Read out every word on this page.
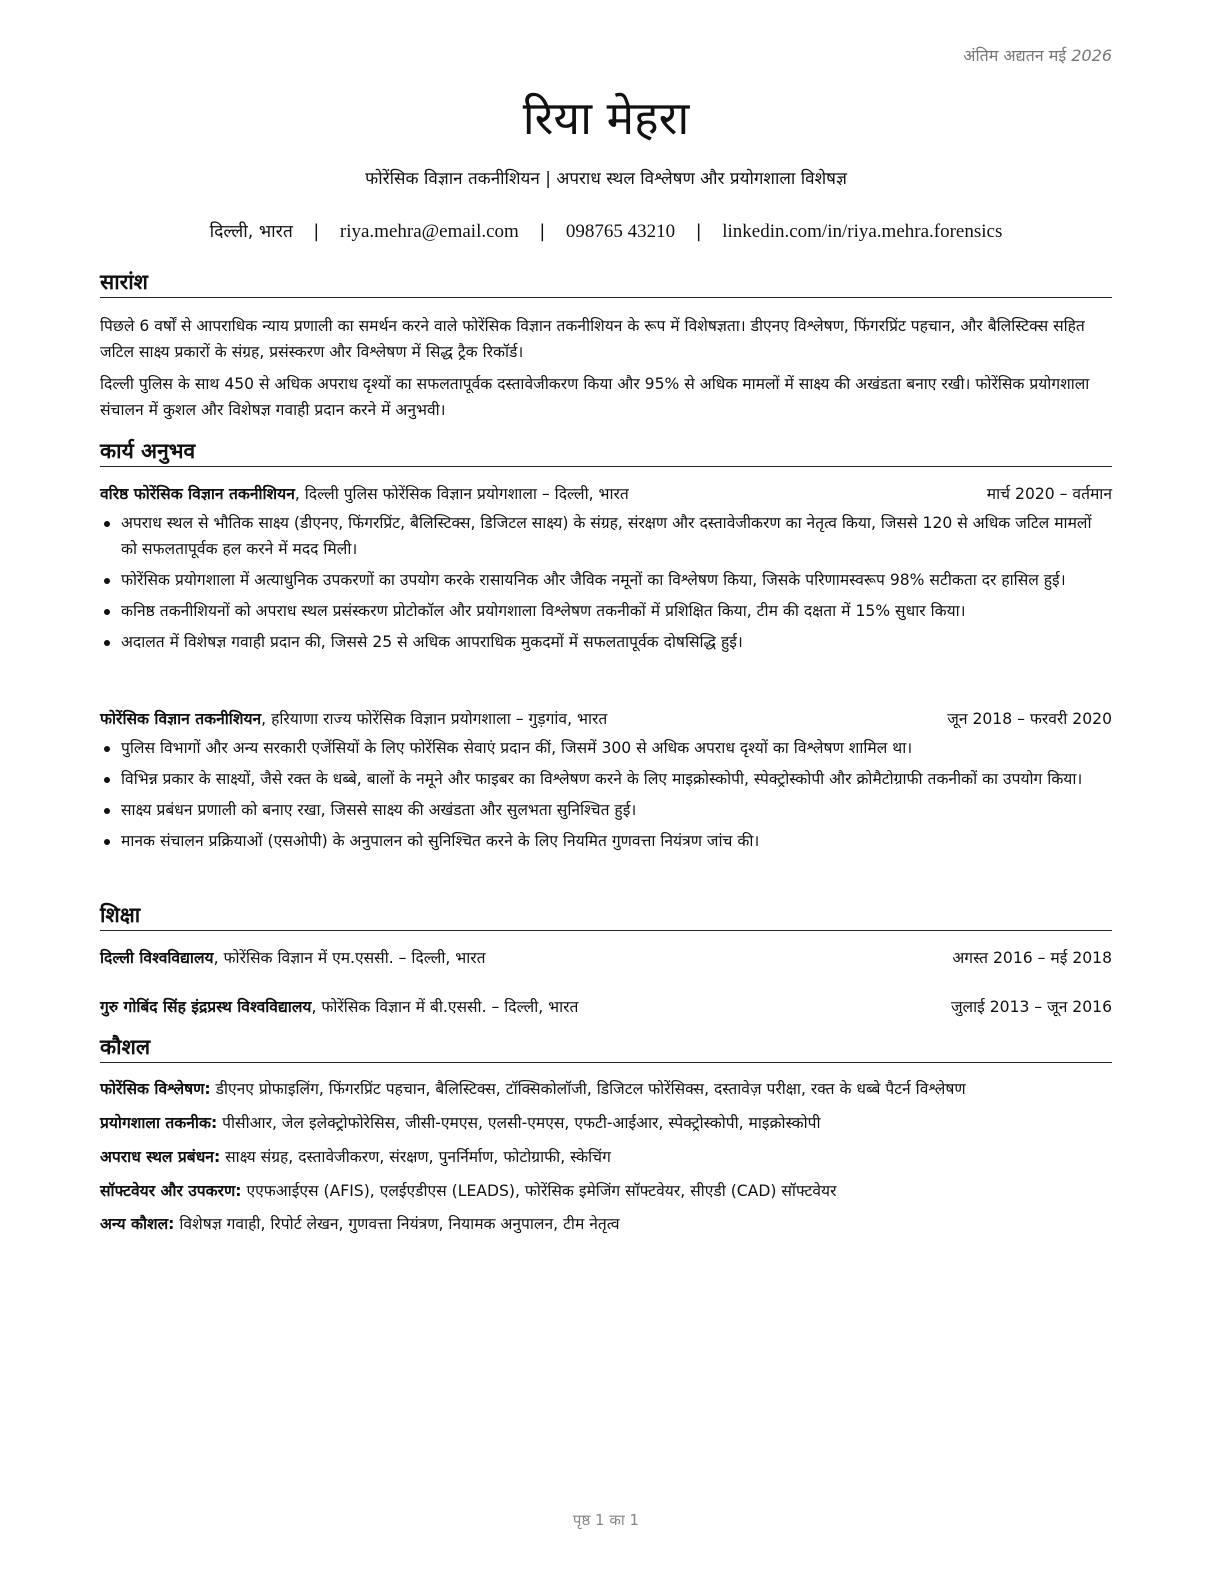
अंतिम अद्यतन मई 2026
रिया मेहरा
फोरेंसिक विज्ञान तकनीशियन | अपराध स्थल विश्लेषण और प्रयोगशाला विशेषज्ञ
दिल्ली, भारत | riya.mehra@email.com | 098765 43210 | linkedin.com/in/riya.mehra.forensics
सारांश

पिछले 6 वर्षों से आपराधिक न्याय प्रणाली का समर्थन करने वाले फोरेंसिक विज्ञान तकनीशियन के रूप में विशेषज्ञता। डीएनए विश्लेषण, फिंगरप्रिंट पहचान, और बैलिस्टिक्स सहित जटिल साक्ष्य प्रकारों के संग्रह, प्रसंस्करण और विश्लेषण में सिद्ध ट्रैक रिकॉर्ड।

दिल्ली पुलिस के साथ 450 से अधिक अपराध दृश्यों का सफलतापूर्वक दस्तावेजीकरण किया और 95% से अधिक मामलों में साक्ष्य की अखंडता बनाए रखी। फोरेंसिक प्रयोगशाला संचालन में कुशल और विशेषज्ञ गवाही प्रदान करने में अनुभवी।

कार्य अनुभव
वरिष्ठ फोरेंसिक विज्ञान तकनीशियन, दिल्ली पुलिस फोरेंसिक विज्ञान प्रयोगशाला – दिल्ली, भारत	मार्च 2020 – वर्तमान
अपराध स्थल से भौतिक साक्ष्य (डीएनए, फिंगरप्रिंट, बैलिस्टिक्स, डिजिटल साक्ष्य) के संग्रह, संरक्षण और दस्तावेजीकरण का नेतृत्व किया, जिससे 120 से अधिक जटिल मामलों को सफलतापूर्वक हल करने में मदद मिली।
फोरेंसिक प्रयोगशाला में अत्याधुनिक उपकरणों का उपयोग करके रासायनिक और जैविक नमूनों का विश्लेषण किया, जिसके परिणामस्वरूप 98% सटीकता दर हासिल हुई।
कनिष्ठ तकनीशियनों को अपराध स्थल प्रसंस्करण प्रोटोकॉल और प्रयोगशाला विश्लेषण तकनीकों में प्रशिक्षित किया, टीम की दक्षता में 15% सुधार किया।
अदालत में विशेषज्ञ गवाही प्रदान की, जिससे 25 से अधिक आपराधिक मुकदमों में सफलतापूर्वक दोषसिद्धि हुई।
फोरेंसिक विज्ञान तकनीशियन, हरियाणा राज्य फोरेंसिक विज्ञान प्रयोगशाला – गुड़गांव, भारत	जून 2018 – फरवरी 2020
पुलिस विभागों और अन्य सरकारी एजेंसियों के लिए फोरेंसिक सेवाएं प्रदान कीं, जिसमें 300 से अधिक अपराध दृश्यों का विश्लेषण शामिल था।
विभिन्न प्रकार के साक्ष्यों, जैसे रक्त के धब्बे, बालों के नमूने और फाइबर का विश्लेषण करने के लिए माइक्रोस्कोपी, स्पेक्ट्रोस्कोपी और क्रोमैटोग्राफी तकनीकों का उपयोग किया।
साक्ष्य प्रबंधन प्रणाली को बनाए रखा, जिससे साक्ष्य की अखंडता और सुलभता सुनिश्चित हुई।
मानक संचालन प्रक्रियाओं (एसओपी) के अनुपालन को सुनिश्चित करने के लिए नियमित गुणवत्ता नियंत्रण जांच की।
शिक्षा
दिल्ली विश्वविद्यालय, फोरेंसिक विज्ञान में एम.एससी. – दिल्ली, भारत	अगस्त 2016 – मई 2018
गुरु गोबिंद सिंह इंद्रप्रस्थ विश्वविद्यालय, फोरेंसिक विज्ञान में बी.एससी. – दिल्ली, भारत	जुलाई 2013 – जून 2016
कौशल
फोरेंसिक विश्लेषण: डीएनए प्रोफाइलिंग, फिंगरप्रिंट पहचान, बैलिस्टिक्स, टॉक्सिकोलॉजी, डिजिटल फोरेंसिक्स, दस्तावेज़ परीक्षा, रक्त के धब्बे पैटर्न विश्लेषण
प्रयोगशाला तकनीक: पीसीआर, जेल इलेक्ट्रोफोरेसिस, जीसी-एमएस, एलसी-एमएस, एफटी-आईआर, स्पेक्ट्रोस्कोपी, माइक्रोस्कोपी
अपराध स्थल प्रबंधन: साक्ष्य संग्रह, दस्तावेजीकरण, संरक्षण, पुनर्निर्माण, फोटोग्राफी, स्केचिंग
सॉफ्टवेयर और उपकरण: एएफआईएस (AFIS), एलईएडीएस (LEADS), फोरेंसिक इमेजिंग सॉफ्टवेयर, सीएडी (CAD) सॉफ्टवेयर
अन्य कौशल: विशेषज्ञ गवाही, रिपोर्ट लेखन, गुणवत्ता नियंत्रण, नियामक अनुपालन, टीम नेतृत्व
पृष्ठ 1 का 1
